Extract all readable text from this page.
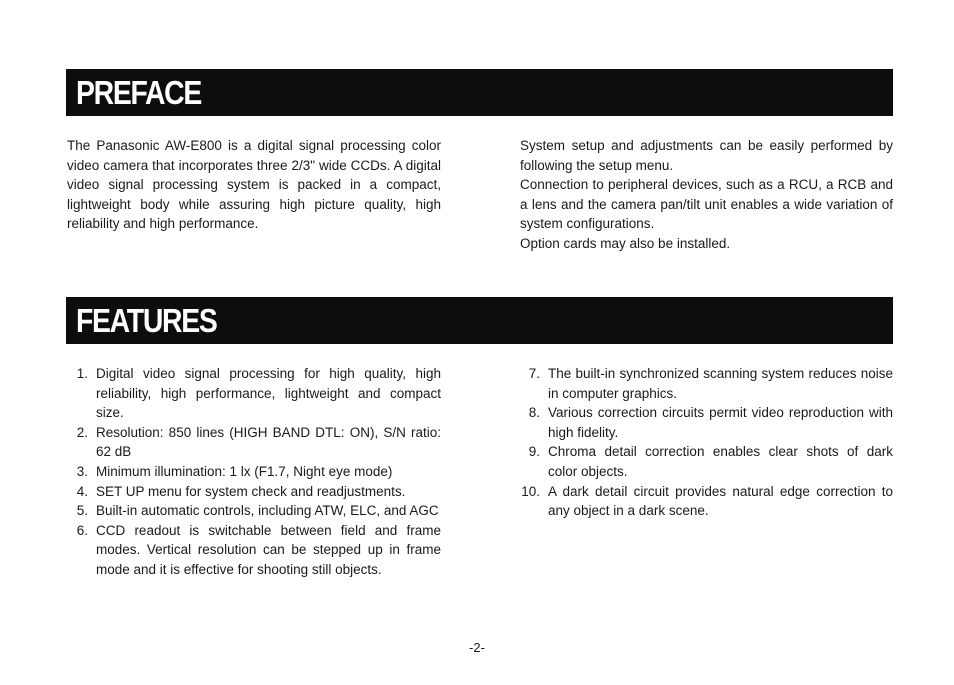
PREFACE

The Panasonic AW-E800 is a digital signal processing color video camera that incorporates three 2/3" wide CCDs. A digital video signal processing system is packed in a compact, lightweight body while assuring high picture quality, high reliability and high performance.

System setup and adjustments can be easily performed by following the setup menu.

Connection to peripheral devices, such as a RCU, a RCB and a lens and the camera pan/tilt unit enables a wide variation of system configurations.

Option cards may also be installed.

FEATURES
1. Digital video signal processing for high quality, high reliability, high performance, lightweight and compact size.
2. Resolution: 850 lines (HIGH BAND DTL: ON), S/N ratio: 62 dB
3. Minimum illumination: 1 lx (F1.7, Night eye mode)
4. SET UP menu for system check and readjustments.
5. Built-in automatic controls, including ATW, ELC, and AGC
6. CCD readout is switchable between field and frame modes. Vertical resolution can be stepped up in frame mode and it is effective for shooting still objects.
7. The built-in synchronized scanning system reduces noise in computer graphics.
8. Various correction circuits permit video reproduction with high fidelity.
9. Chroma detail correction enables clear shots of dark color objects.
10. A dark detail circuit provides natural edge correction to any object in a dark scene.
-2-
